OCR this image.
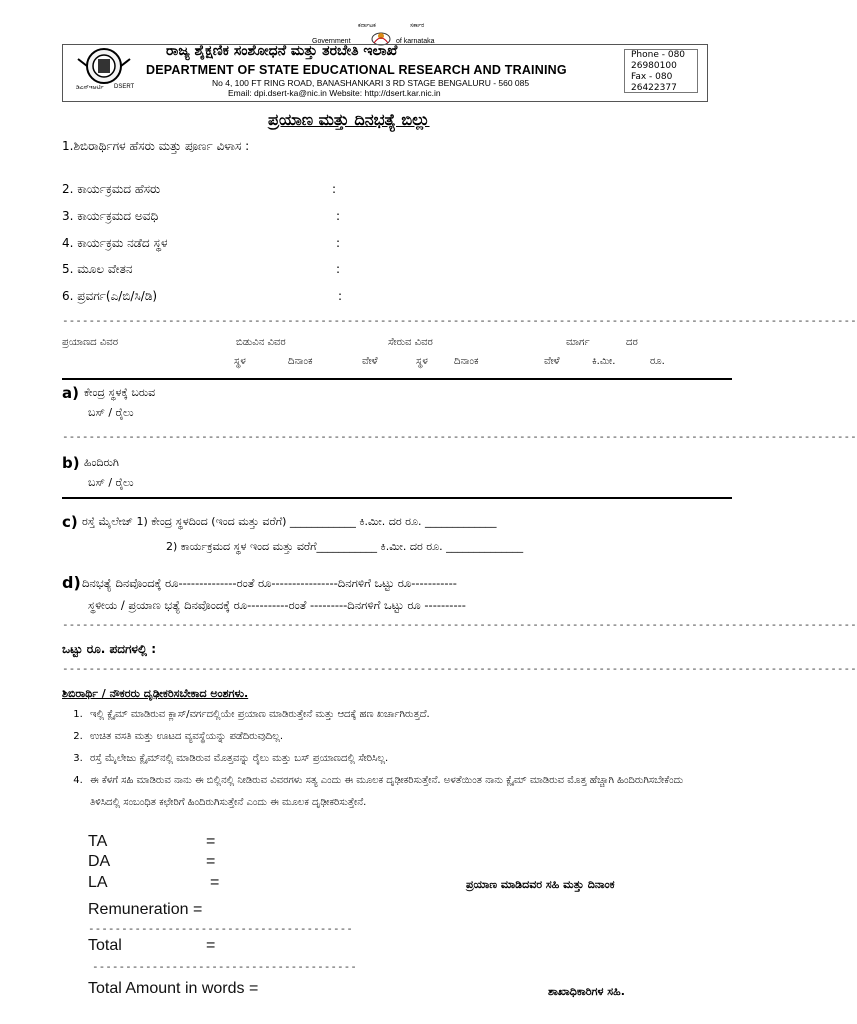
ಕರ್ನಾಟಕ	ಸರ್ಕಾರ
Government	of karnataka
ಡಿಎಸ್ಇಆರ್ಟಿ DSERT
ರಾಜ್ಯ ಶೈಕ್ಷಣಿಕ ಸಂಶೋಧನೆ ಮತ್ತು ತರಬೇತಿ ಇಲಾಖೆ
DEPARTMENT OF STATE EDUCATIONAL RESEARCH AND TRAINING
No 4, 100 FT RING ROAD, BANASHANKARI 3 RD STAGE BENGALURU - 560 085
Email: dpi.dsert-ka@nic.in Website: http://dsert.kar.nic.in
Phone - 080
26980100
Fax - 080
26422377
ಪ್ರಯಾಣ ಮತ್ತು ದಿನಭತ್ಯೆ ಬಿಲ್ಲು
1.ಶಿಬಿರಾರ್ಥಿಗಳ ಹೆಸರು ಮತ್ತು ಪೂರ್ಣ ವಿಳಾಸ :
2. ಕಾರ್ಯಕ್ರಮದ ಹೆಸರು	:
3. ಕಾರ್ಯಕ್ರಮದ ಅವಧಿ	:
4. ಕಾರ್ಯಕ್ರಮ ನಡೆದ ಸ್ಥಳ	:
5. ಮೂಲ ವೇತನ	:
6. ಪ್ರವರ್ಗ(ಎ/ಬಿ/ಸಿ/ಡಿ)	:
------------------------------------------------------------------------------------------------------------------------
ಪ್ರಯಾಣದ ವಿವರ	ಬಿಡುವಿನ ವಿವರ	ಸೇರುವ ವಿವರ	ಮಾರ್ಗ	ದರ
ಸ್ಥಳ	ದಿನಾಂಕ	ವೇಳೆ	ಸ್ಥಳ	ದಿನಾಂಕ	ವೇಳೆ	ಕಿ.ಮೀ.	ರೂ.
a) ಕೇಂದ್ರ ಸ್ಥಳಕ್ಕೆ ಬರುವ
ಬಸ್ / ರೈಲು
------------------------------------------------------------------------------------------------------------------------
b) ಹಿಂದಿರುಗಿ
ಬಸ್ / ರೈಲು
c) ರಸ್ತೆ ಮೈಲೇಜ್ 1) ಕೇಂದ್ರ ಸ್ಥಳದಿಂದ (ಇಂದ ಮತ್ತು ವರೆಗೆ) ____________ ಕಿ.ಮೀ. ದರ ರೂ. _____________
2) ಕಾರ್ಯಕ್ರಮದ ಸ್ಥಳ ಇಂದ ಮತ್ತು ವರೆಗೆ___________ ಕಿ.ಮೀ. ದರ ರೂ. ______________
d) ದಿನಭತ್ಯೆ ದಿನವೊಂದಕ್ಕೆ ರೂ--------------ರಂತೆ ರೂ----------------ದಿನಗಳಿಗೆ ಒಟ್ಟು ರೂ-----------
ಸ್ಥಳೀಯ / ಪ್ರಯಾಣ ಭತ್ಯೆ ದಿನವೊಂದಕ್ಕೆ ರೂ----------ರಂತೆ ---------ದಿನಗಳಿಗೆ ಒಟ್ಟು ರೂ ----------
------------------------------------------------------------------------------------------------------------------------
ಒಟ್ಟು ರೂ. ಪದಗಳಲ್ಲಿ :
------------------------------------------------------------------------------------------------------------------------
ಶಿಬಿರಾರ್ಥಿ / ನೌಕರರು ದೃಢೀಕರಿಸಬೇಕಾದ ಅಂಶಗಳು.
1. ಇಲ್ಲಿ ಕ್ಲೈಮ್ ಮಾಡಿರುವ ಕ್ಲಾಸ್/ವರ್ಗದಲ್ಲಿಯೇ ಪ್ರಯಾಣ ಮಾಡಿರುತ್ತೇನೆ ಮತ್ತು ಆದಕ್ಕೆ ಹಣ ಖರ್ಚಾಗಿರುತ್ತದೆ.
2. ಉಚಿತ ವಸತಿ ಮತ್ತು ಊಟದ ವ್ಯವಸ್ಥೆಯನ್ನು ಪಡೆದಿರುವುದಿಲ್ಲ.
3. ರಸ್ತೆ ಮೈಲೇಜು ಕ್ಲೈಮ್‌ನಲ್ಲಿ ಮಾಡಿರುವ ಮೊತ್ತವನ್ನು ರೈಲು ಮತ್ತು ಬಸ್ ಪ್ರಯಾಣದಲ್ಲಿ ಸೇರಿಸಿಲ್ಲ.
4. ಈ ಕೆಳಗೆ ಸಹಿ ಮಾಡಿರುವ ನಾನು ಈ ಬಿಲ್ಲಿನಲ್ಲಿ ನೀಡಿರುವ ವಿವರಗಳು ಸತ್ಯ ಎಂದು ಈ ಮೂಲಕ ದೃಢೀಕರಿಸುತ್ತೇನೆ. ಅಳತೆಯಿಂತ ನಾನು ಕ್ಲೈಮ್ ಮಾಡಿರುವ ಮೊತ್ತ ಹೆಚ್ಚಾಗಿ ಹಿಂದಿರುಗಿಸಬೇಕೆಂದು ತಿಳಿಸಿದಲ್ಲಿ ಸಂಬಂಧಿತ ಕಛೇರಿಗೆ ಹಿಂದಿರುಗಿಸುತ್ತೇನೆ ಎಂದು ಈ ಮೂಲಕ ದೃಢೀಕರಿಸುತ್ತೇನೆ.
TA	=
DA	=
LA	=
Remuneration =
----------------------------------------
Total	=
----------------------------------------
Total Amount in words =
ಪ್ರಯಾಣ ಮಾಡಿದವರ ಸಹಿ ಮತ್ತು ದಿನಾಂಕ
ಶಾಖಾಧಿಕಾರಿಗಳ ಸಹಿ.
